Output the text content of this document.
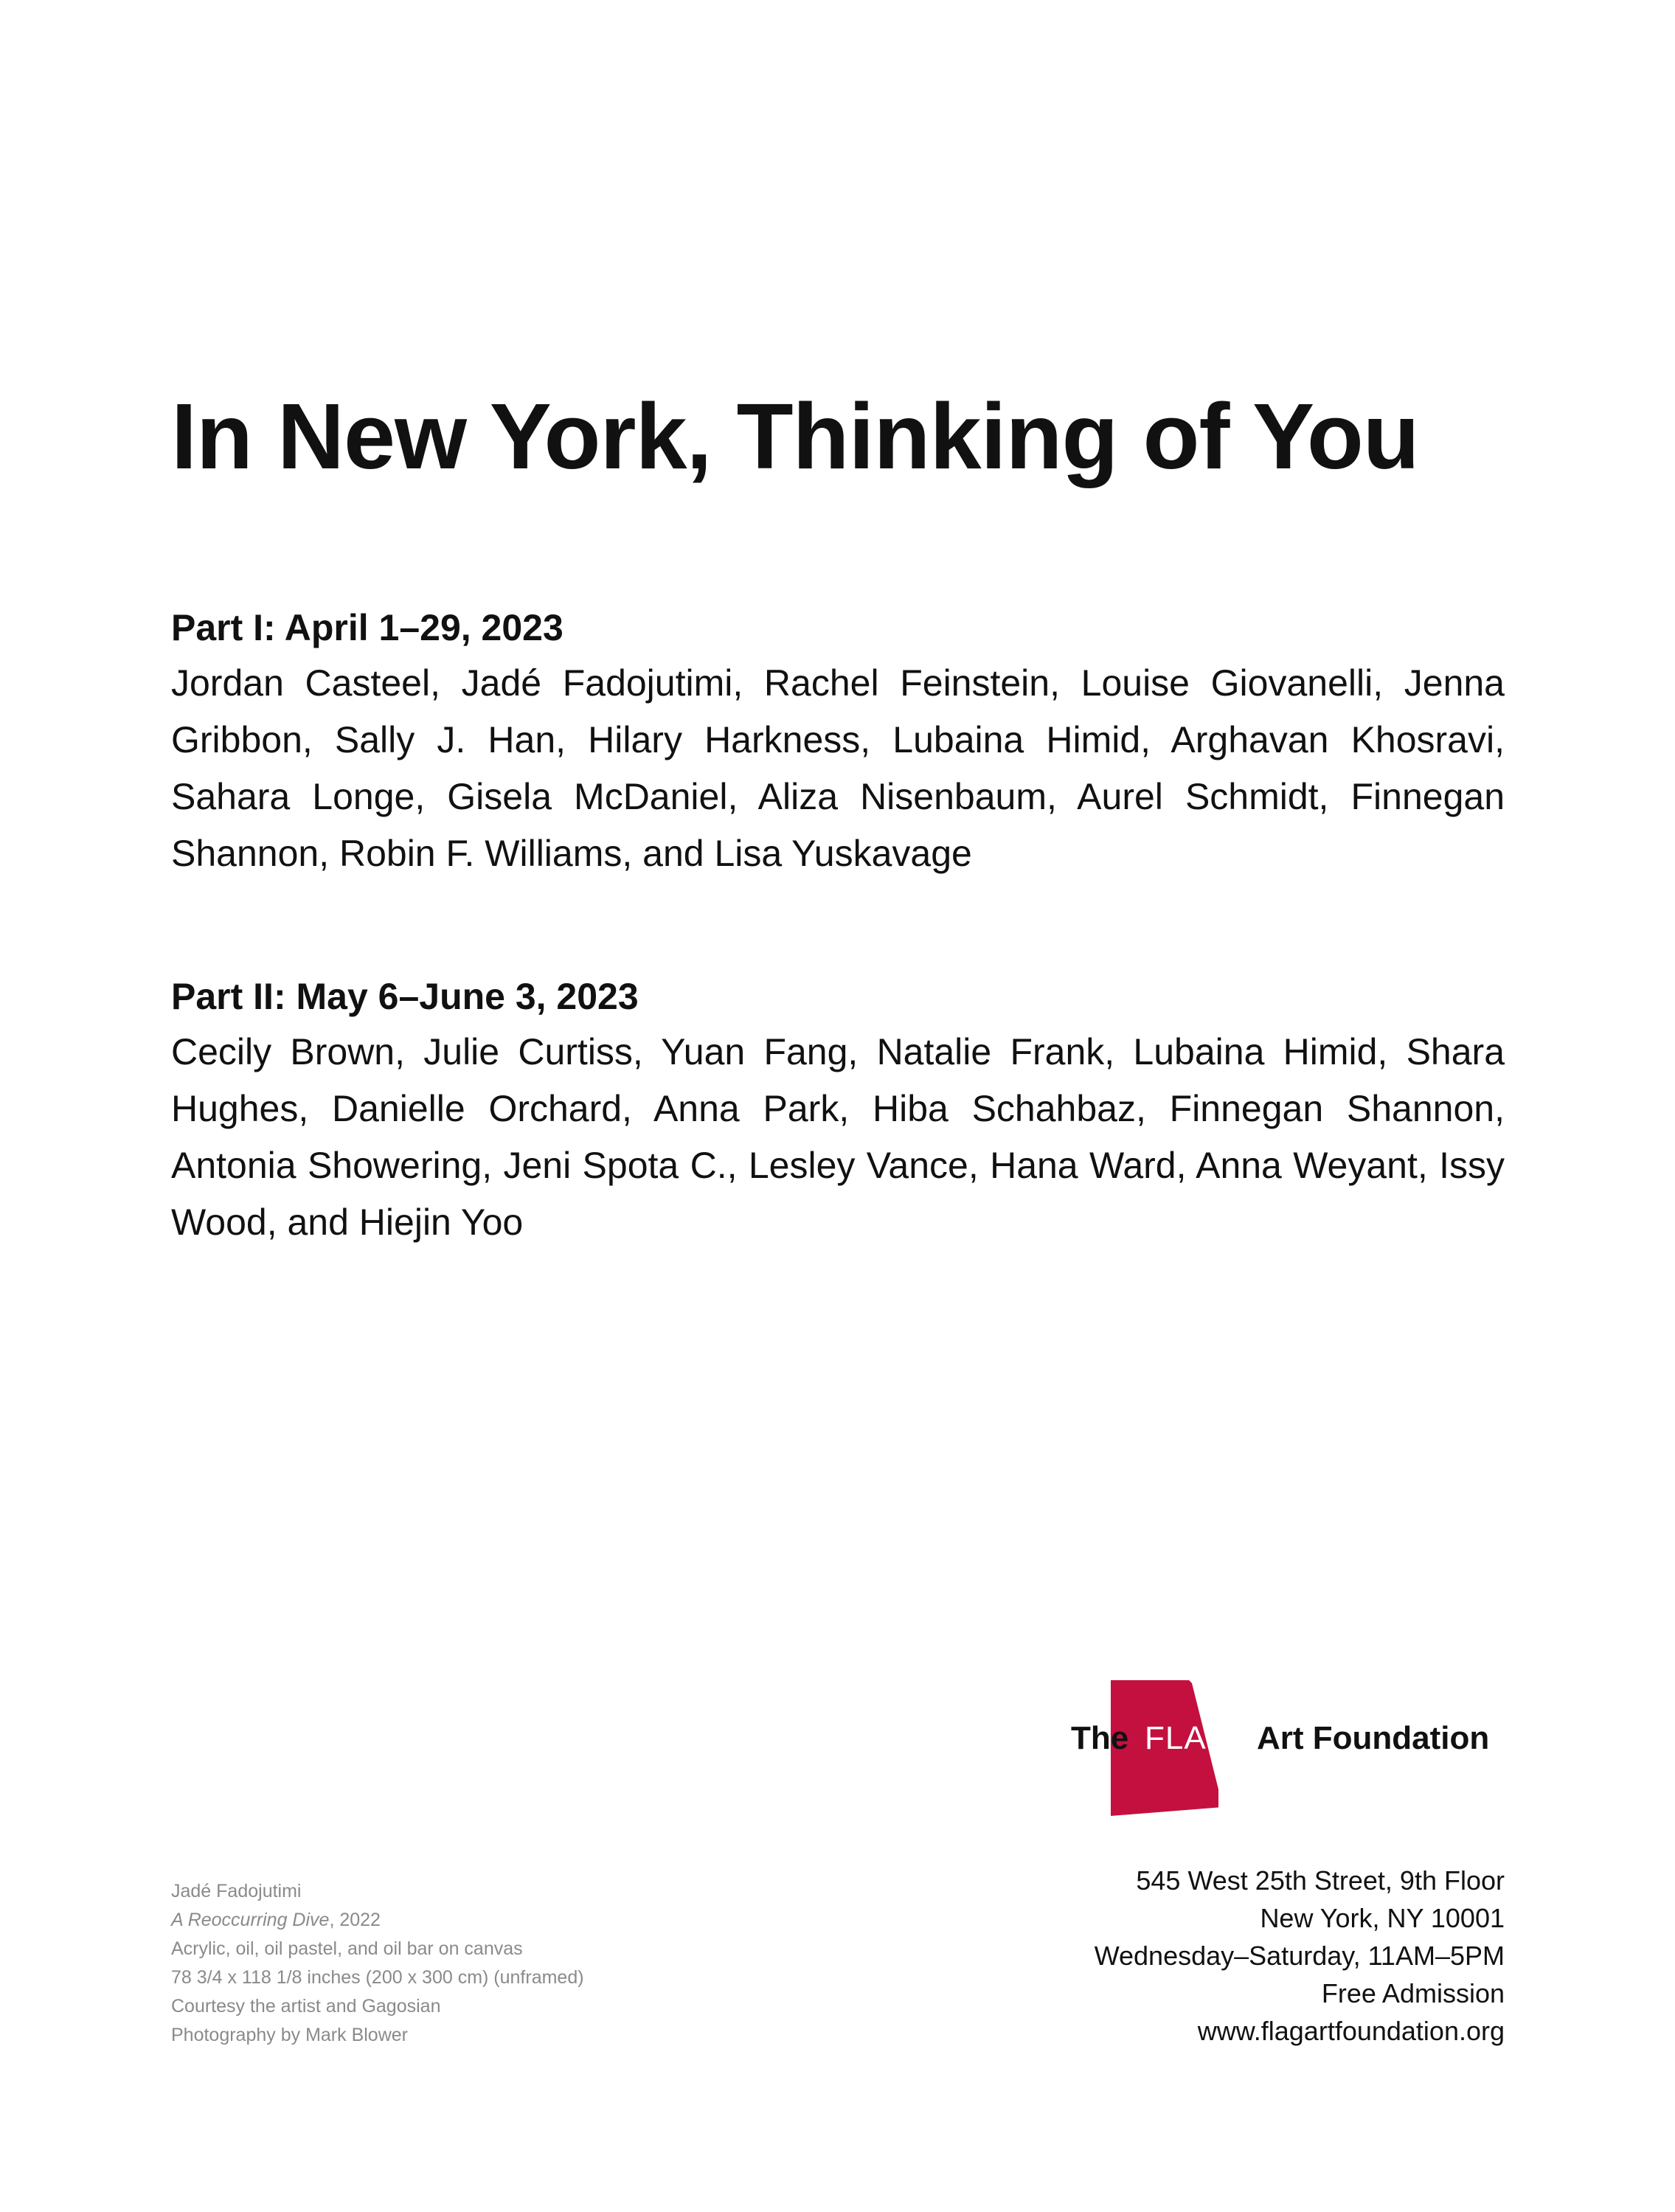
In New York, Thinking of You
Part I: April 1–29, 2023

Jordan Casteel, Jadé Fadojutimi, Rachel Feinstein, Louise Giovanelli, Jenna Gribbon, Sally J. Han, Hilary Harkness, Lubaina Himid, Arghavan Khosravi, Sahara Longe, Gisela McDaniel, Aliza Nisenbaum, Aurel Schmidt, Finnegan Shannon, Robin F. Williams, and Lisa Yuskavage

Part II: May 6–June 3, 2023

Cecily Brown, Julie Curtiss, Yuan Fang, Natalie Frank, Lubaina Himid, Shara Hughes, Danielle Orchard, Anna Park, Hiba Schahbaz, Finnegan Shannon, Antonia Showering, Jeni Spota C., Lesley Vance, Hana Ward, Anna Weyant, Issy Wood, and Hiejin Yoo

The FLAG Art Foundation
Jadé Fadojutimi
A Reoccurring Dive, 2022
Acrylic, oil, oil pastel, and oil bar on canvas
78 3/4 x 118 1/8 inches (200 x 300 cm) (unframed)
Courtesy the artist and Gagosian
Photography by Mark Blower
545 West 25th Street, 9th Floor
New York, NY 10001
Wednesday–Saturday, 11AM–5PM
Free Admission
www.flagartfoundation.org
